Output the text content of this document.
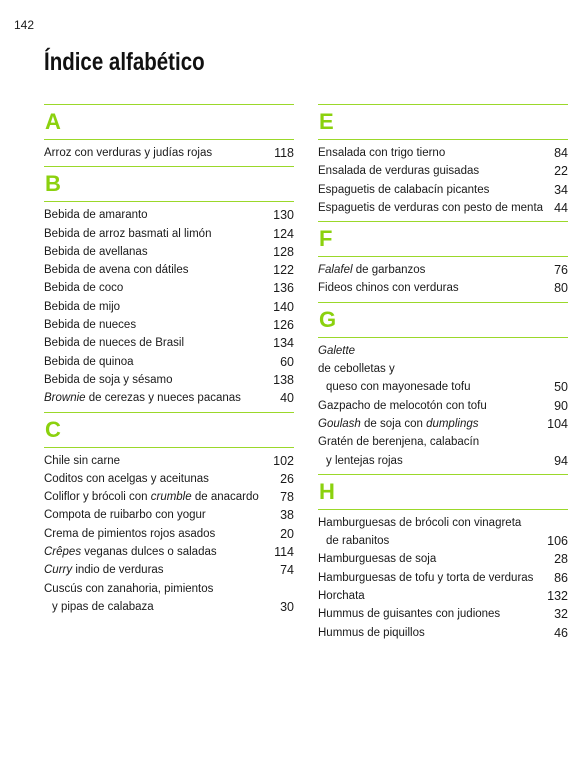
142
Índice alfabético
A
Arroz con verduras y judías rojas	118
B
Bebida de amaranto	130
Bebida de arroz basmati al limón	124
Bebida de avellanas	128
Bebida de avena con dátiles	122
Bebida de coco	136
Bebida de mijo	140
Bebida de nueces	126
Bebida de nueces de Brasil	134
Bebida de quinoa	60
Bebida de soja y sésamo	138
Brownie de cerezas y nueces pacanas	40
C
Chile sin carne	102
Coditos con acelgas y aceitunas	26
Coliflor y brócoli con crumble de anacardo	78
Compota de ruibarbo con yogur	38
Crema de pimientos rojos asados	20
Crêpes veganas dulces o saladas	114
Curry indio de verduras	74
Cuscús con zanahoria, pimientos
y pipas de calabaza	30
E
Ensalada con trigo tierno	84
Ensalada de verduras guisadas	22
Espaguetis de calabacín picantes	34
Espaguetis de verduras con pesto de menta 44
F
Falafel de garbanzos	76
Fideos chinos con verduras	80
G
Galette
de cebolletas y
queso con mayonesade tofu	50
Gazpacho de melocotón con tofu	90
Goulash de soja con dumplings	104
Gratén de berenjena, calabacín
y lentejas rojas	94
H
Hamburguesas de brócoli con vinagreta
de rabanitos	106
Hamburguesas de soja	28
Hamburguesas de tofu y torta de verduras	86
Horchata	132
Hummus de guisantes con judiones	32
Hummus de piquillos	46
